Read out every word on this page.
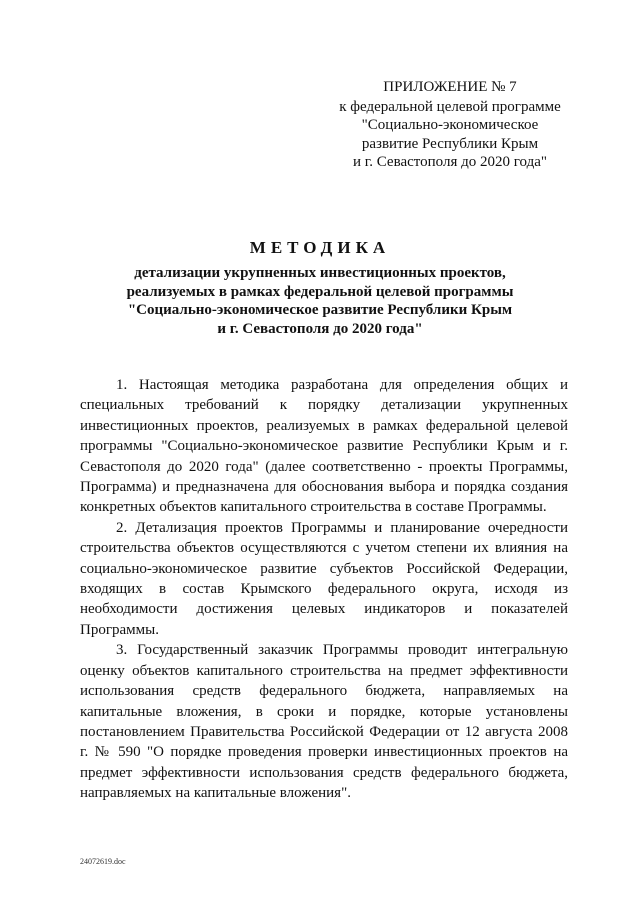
ПРИЛОЖЕНИЕ № 7
к федеральной целевой программе
"Социально-экономическое
развитие Республики Крым
и г. Севастополя до 2020 года"
МЕТОДИКА
детализации укрупненных инвестиционных проектов,
реализуемых в рамках федеральной целевой программы
"Социально-экономическое развитие Республики Крым
и г. Севастополя до 2020 года"

1. Настоящая методика разработана для определения общих и специальных требований к порядку детализации укрупненных инвестиционных проектов, реализуемых в рамках федеральной целевой программы "Социально-экономическое развитие Республики Крым и г. Севастополя до 2020 года" (далее соответственно - проекты Программы, Программа) и предназначена для обоснования выбора и порядка создания конкретных объектов капитального строительства в составе Программы.

2. Детализация проектов Программы и планирование очередности строительства объектов осуществляются с учетом степени их влияния на социально-экономическое развитие субъектов Российской Федерации, входящих в состав Крымского федерального округа, исходя из необходимости достижения целевых индикаторов и показателей Программы.

3. Государственный заказчик Программы проводит интегральную оценку объектов капитального строительства на предмет эффективности использования средств федерального бюджета, направляемых на капитальные вложения, в сроки и порядке, которые установлены постановлением Правительства Российской Федерации от 12 августа 2008 г. № 590 "О порядке проведения проверки инвестиционных проектов на предмет эффективности использования средств федерального бюджета, направляемых на капитальные вложения".

24072619.doc
